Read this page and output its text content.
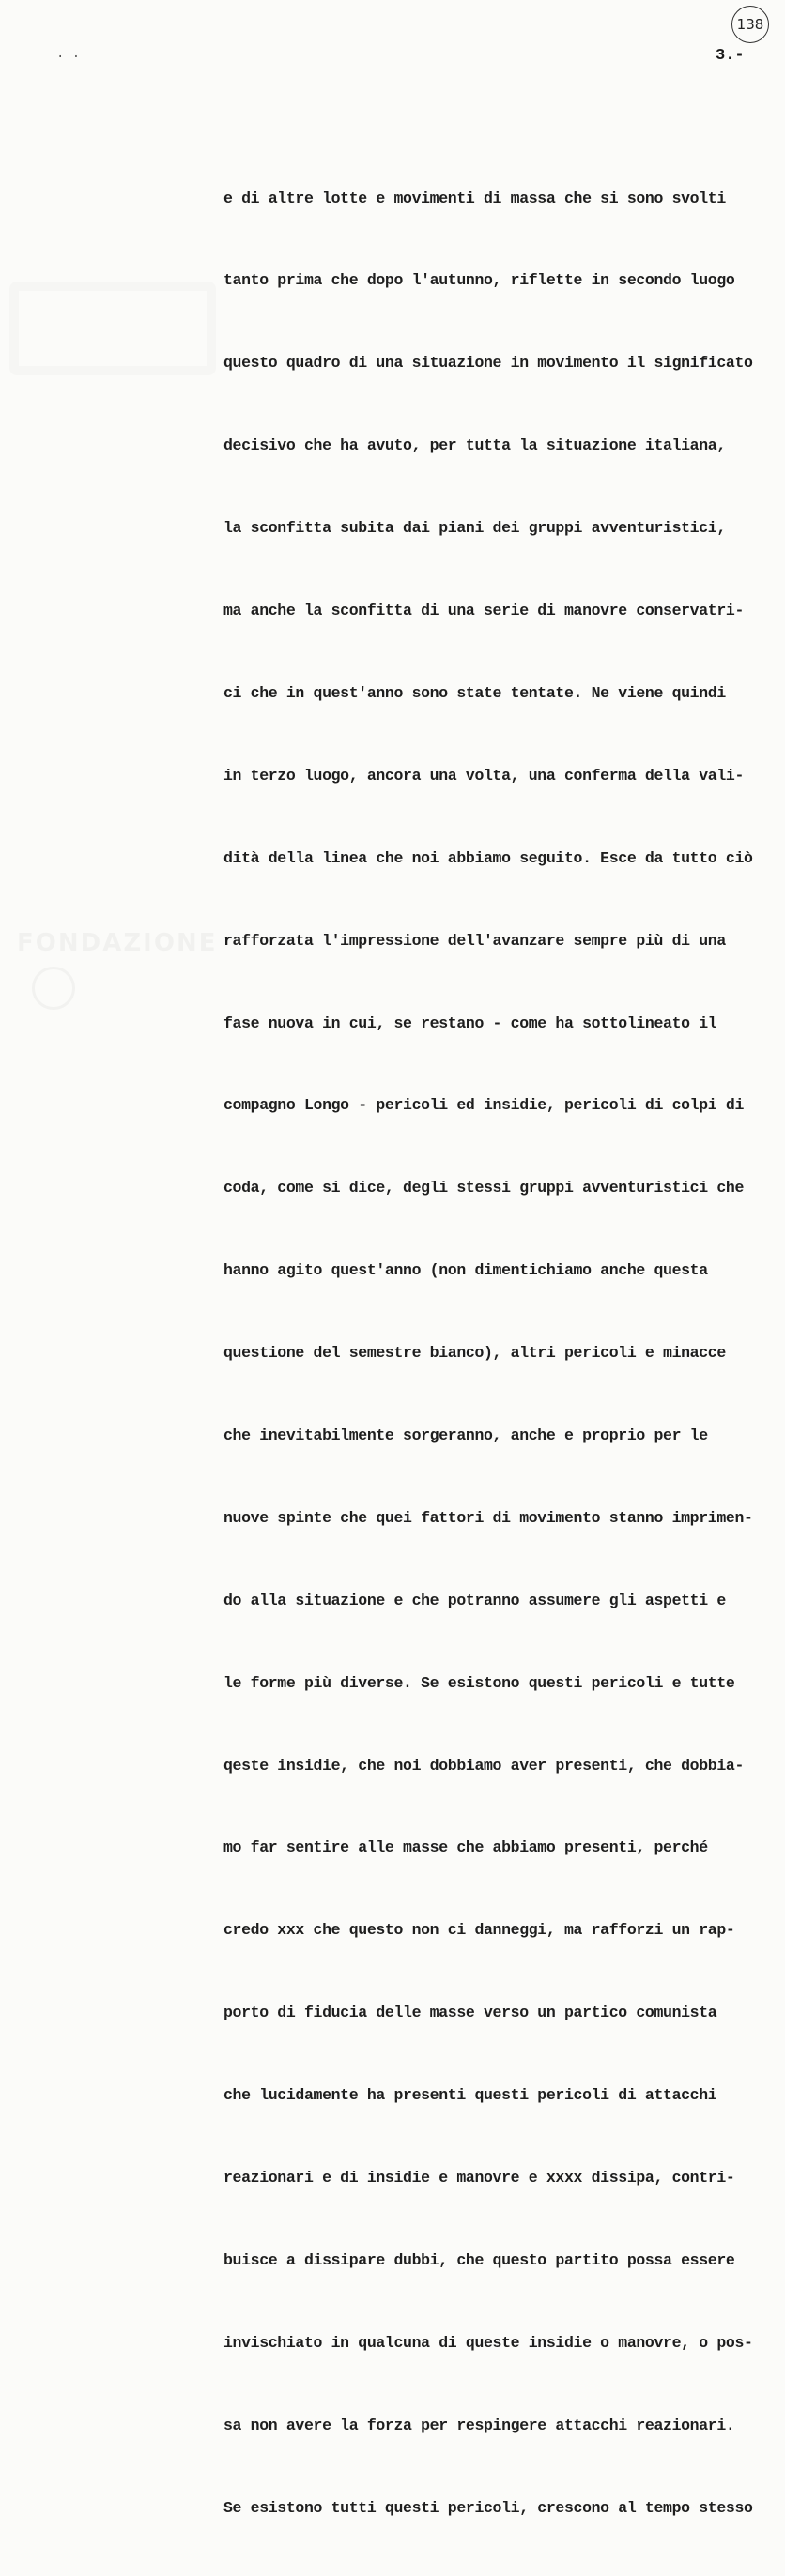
. .
138
3.-

e di altre lotte e movimenti di massa che si sono svolti

tanto prima che dopo l'autunno, riflette in secondo luogo

questo quadro di una situazione in movimento il significato

decisivo che ha avuto, per tutta la situazione italiana,

la sconfitta subita dai piani dei gruppi avventuristici,

ma anche la sconfitta di una serie di manovre conservatri-

ci che in quest'anno sono state tentate. Ne viene quindi

in terzo luogo, ancora una volta, una conferma della vali-

dità della linea che noi abbiamo seguito. Esce da tutto ciò

rafforzata l'impressione dell'avanzare sempre più di una

fase nuova in cui, se restano - come ha sottolineato il

compagno Longo - pericoli ed insidie, pericoli di colpi di

coda, come si dice, degli stessi gruppi avventuristici che

hanno agito quest'anno (non dimentichiamo anche questa

questione del semestre bianco), altri pericoli e minacce

che inevitabilmente sorgeranno, anche e proprio per le

nuove spinte che quei fattori di movimento stanno imprimen-

do alla situazione e che potranno assumere gli aspetti e

le forme più diverse. Se esistono questi pericoli e tutte

qeste insidie, che noi dobbiamo aver presenti, che dobbia-

mo far sentire alle masse che abbiamo presenti, perché

credo xxx che questo non ci danneggi, ma rafforzi un rap-

porto di fiducia delle masse verso un partico comunista

che lucidamente ha presenti questi pericoli di attacchi

reazionari e di insidie e manovre e xxxx dissipa, contri-

buisce a dissipare dubbi, che questo partito possa essere

invischiato in qualcuna di queste insidie o manovre, o pos-

sa non avere la forza per respingere attacchi reazionari.

Se esistono tutti questi pericoli, crescono al tempo stesso
